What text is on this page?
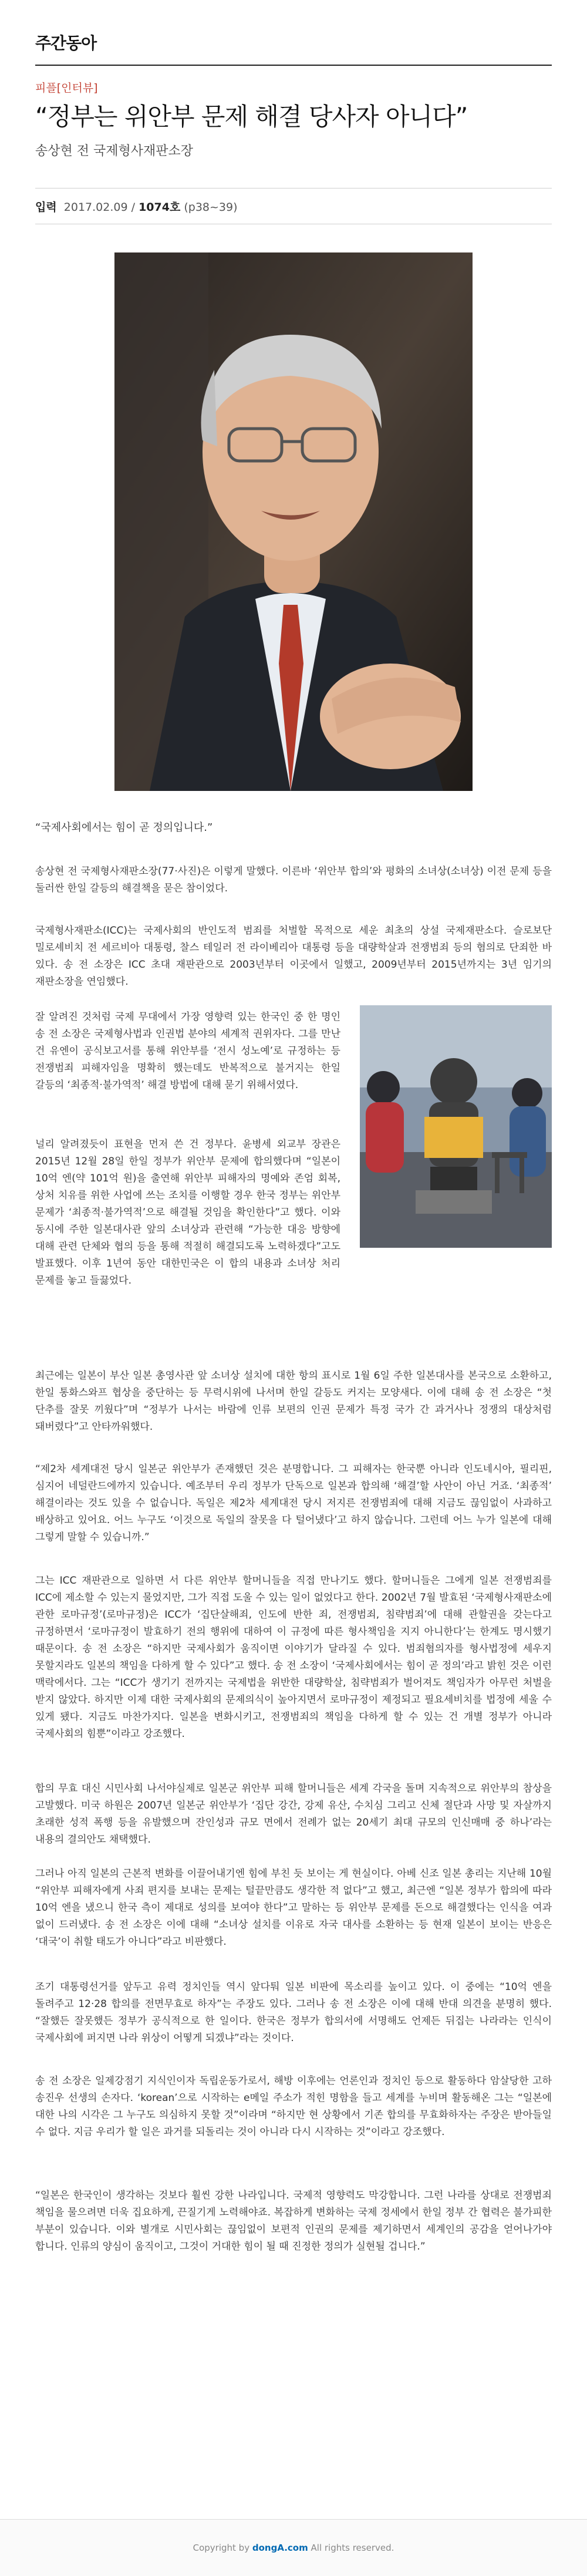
주간동아
피플[인터뷰]
“정부는 위안부 문제 해결 당사자 아니다”
송상현 전 국제형사재판소장
입력 2017.02.09 / 1074호 (p38~39)
“국제사회에서는 힘이 곧 정의입니다.”

송상현 전 국제형사재판소장(77·사진)은 이렇게 말했다. 이른바 ‘위안부 합의’와 평화의 소녀상(소녀상) 이전 문제 등을 둘러싼 한일 갈등의 해결책을 묻은 참이었다.

국제형사재판소(ICC)는 국제사회의 반인도적 범죄를 처벌할 목적으로 세운 최초의 상설 국제재판소다. 슬로보단 밀로셰비치 전 세르비아 대통령, 찰스 테일러 전 라이베리아 대통령 등을 대량학살과 전쟁범죄 등의 혐의로 단죄한 바 있다. 송 전 소장은 ICC 초대 재판관으로 2003년부터 이곳에서 일했고, 2009년부터 2015년까지는 3년 임기의 재판소장을 연임했다.

잘 알려진 것처럼 국제 무대에서 가장 영향력 있는 한국인 중 한 명인 송 전 소장은 국제형사법과 인권법 분야의 세계적 권위자다. 그를 만난 건 유엔이 공식보고서를 통해 위안부를 ‘전시 성노예’로 규정하는 등 전쟁범죄 피해자임을 명확히 했는데도 반복적으로 불거지는 한일 갈등의 ‘최종적·불가역적’ 해결 방법에 대해 묻기 위해서였다.

널리 알려졌듯이 표현을 먼저 쓴 건 정부다. 윤병세 외교부 장관은 2015년 12월 28일 한일 정부가 위안부 문제에 합의했다며 “일본이 10억 엔(약 101억 원)을 출연해 위안부 피해자의 명예와 존엄 회복, 상처 치유를 위한 사업에 쓰는 조치를 이행할 경우 한국 정부는 위안부 문제가 ‘최종적·불가역적’으로 해결될 것임을 확인한다”고 했다. 이와 동시에 주한 일본대사관 앞의 소녀상과 관련해 “가능한 대응 방향에 대해 관련 단체와 협의 등을 통해 적절히 해결되도록 노력하겠다”고도 발표했다. 이후 1년여 동안 대한민국은 이 합의 내용과 소녀상 처리 문제를 놓고 들끓었다.

최근에는 일본이 부산 일본 총영사관 앞 소녀상 설치에 대한 항의 표시로 1월 6일 주한 일본대사를 본국으로 소환하고, 한일 통화스와프 협상을 중단하는 등 무력시위에 나서며 한일 갈등도 커지는 모양새다. 이에 대해 송 전 소장은 “첫 단추를 잘못 끼웠다”며 “정부가 나서는 바람에 인류 보편의 인권 문제가 특정 국가 간 과거사나 정쟁의 대상처럼 돼버렸다”고 안타까워했다.

“제2차 세계대전 당시 일본군 위안부가 존재했던 것은 분명합니다. 그 피해자는 한국뿐 아니라 인도네시아, 필리핀, 심지어 네덜란드에까지 있습니다. 예조부터 우리 정부가 단독으로 일본과 합의해 ‘해결’할 사안이 아닌 거죠. ‘최종적’ 해결이라는 것도 있을 수 없습니다. 독일은 제2차 세계대전 당시 저지른 전쟁범죄에 대해 지금도 끊임없이 사과하고 배상하고 있어요. 어느 누구도 ‘이것으로 독일의 잘못을 다 털어냈다’고 하지 않습니다. 그런데 어느 누가 일본에 대해 그렇게 말할 수 있습니까.”

그는 ICC 재판관으로 일하면 서 다른 위안부 할머니들을 직접 만나기도 했다. 할머니들은 그에게 일본 전쟁범죄를 ICC에 제소할 수 있는지 물었지만, 그가 직접 도울 수 있는 일이 없었다고 한다. 2002년 7월 발효된 ‘국제형사재판소에 관한 로마규정’(로마규정)은 ICC가 ‘집단살해죄, 인도에 반한 죄, 전쟁범죄, 침략범죄’에 대해 관할권을 갖는다고 규정하면서 ‘로마규정이 발효하기 전의 행위에 대하여 이 규정에 따른 형사책임을 지지 아니한다’는 한계도 명시했기 때문이다. 송 전 소장은 “하지만 국제사회가 움직이면 이야기가 달라질 수 있다. 범죄혐의자를 형사법정에 세우지 못할지라도 일본의 책임을 다하게 할 수 있다”고 했다. 송 전 소장이 ‘국제사회에서는 힘이 곧 정의’라고 밝힌 것은 이런 맥락에서다. 그는 “ICC가 생기기 전까지는 국제법을 위반한 대량학살, 침략범죄가 벌어져도 책임자가 아무런 처벌을 받지 않았다. 하지만 이제 대한 국제사회의 문제의식이 높아지면서 로마규정이 제정되고 필요세비치를 법정에 세울 수 있게 됐다. 지금도 마찬가지다. 일본을 변화시키고, 전쟁범죄의 책임을 다하게 할 수 있는 건 개별 정부가 아니라 국제사회의 힘뿐”이라고 강조했다.

합의 무효 대신 시민사회 나서야실제로 일본군 위안부 피해 할머니들은 세계 각국을 돌며 지속적으로 위안부의 참상을 고발했다. 미국 하원은 2007년 일본군 위안부가 ‘집단 강간, 강제 유산, 수치심 그리고 신체 절단과 사망 및 자살까지 초래한 성적 폭행 등을 유발했으며 잔인성과 규모 면에서 전례가 없는 20세기 최대 규모의 인신매매 중 하나’라는 내용의 결의안도 채택했다.

그러나 아직 일본의 근본적 변화를 이끌어내기엔 힘에 부친 듯 보이는 게 현실이다. 아베 신조 일본 총리는 지난해 10월 “위안부 피해자에게 사죄 편지를 보내는 문제는 털끝만큼도 생각한 적 없다”고 했고, 최근엔 “일본 정부가 합의에 따라 10억 엔을 냈으니 한국 측이 제대로 성의를 보여야 한다”고 말하는 등 위안부 문제를 돈으로 해결했다는 인식을 여과 없이 드러냈다. 송 전 소장은 이에 대해 “소녀상 설치를 이유로 자국 대사를 소환하는 등 현재 일본이 보이는 반응은 ‘대국’이 취할 태도가 아니다”라고 비판했다.

조기 대통령선거를 앞두고 유력 정치인들 역시 앞다퉈 일본 비판에 목소리를 높이고 있다. 이 중에는 “10억 엔을 돌려주고 12·28 합의를 전면무효로 하자”는 주장도 있다. 그러나 송 전 소장은 이에 대해 반대 의견을 분명히 했다. “잘했든 잘못했든 정부가 공식적으로 한 일이다. 한국은 정부가 합의서에 서명해도 언제든 뒤집는 나라라는 인식이 국제사회에 퍼지면 나라 위상이 어떻게 되겠냐”라는 것이다.

송 전 소장은 일제강점기 지식인이자 독립운동가로서, 해방 이후에는 언론인과 정치인 등으로 활동하다 암살당한 고하 송진우 선생의 손자다. ‘korean’으로 시작하는 e메일 주소가 적힌 명함을 들고 세계를 누비며 활동해온 그는 “일본에 대한 나의 시각은 그 누구도 의심하지 못할 것”이라며 “하지만 현 상황에서 기존 합의를 무효화하자는 주장은 받아들일 수 없다. 지금 우리가 할 일은 과거를 되돌리는 것이 아니라 다시 시작하는 것”이라고 강조했다.

“일본은 한국인이 생각하는 것보다 훨씬 강한 나라입니다. 국제적 영향력도 막강합니다. 그런 나라를 상대로 전쟁범죄 책임을 물으려면 더욱 집요하게, 끈질기게 노력해야죠. 복잡하게 변화하는 국제 정세에서 한일 정부 간 협력은 불가피한 부분이 있습니다. 이와 별개로 시민사회는 끊임없이 보편적 인권의 문제를 제기하면서 세계인의 공감을 얻어나가야 합니다. 인류의 양심이 움직이고, 그것이 거대한 힘이 될 때 진정한 정의가 실현될 겁니다.”

Copyright by dongA.com All rights reserved.
